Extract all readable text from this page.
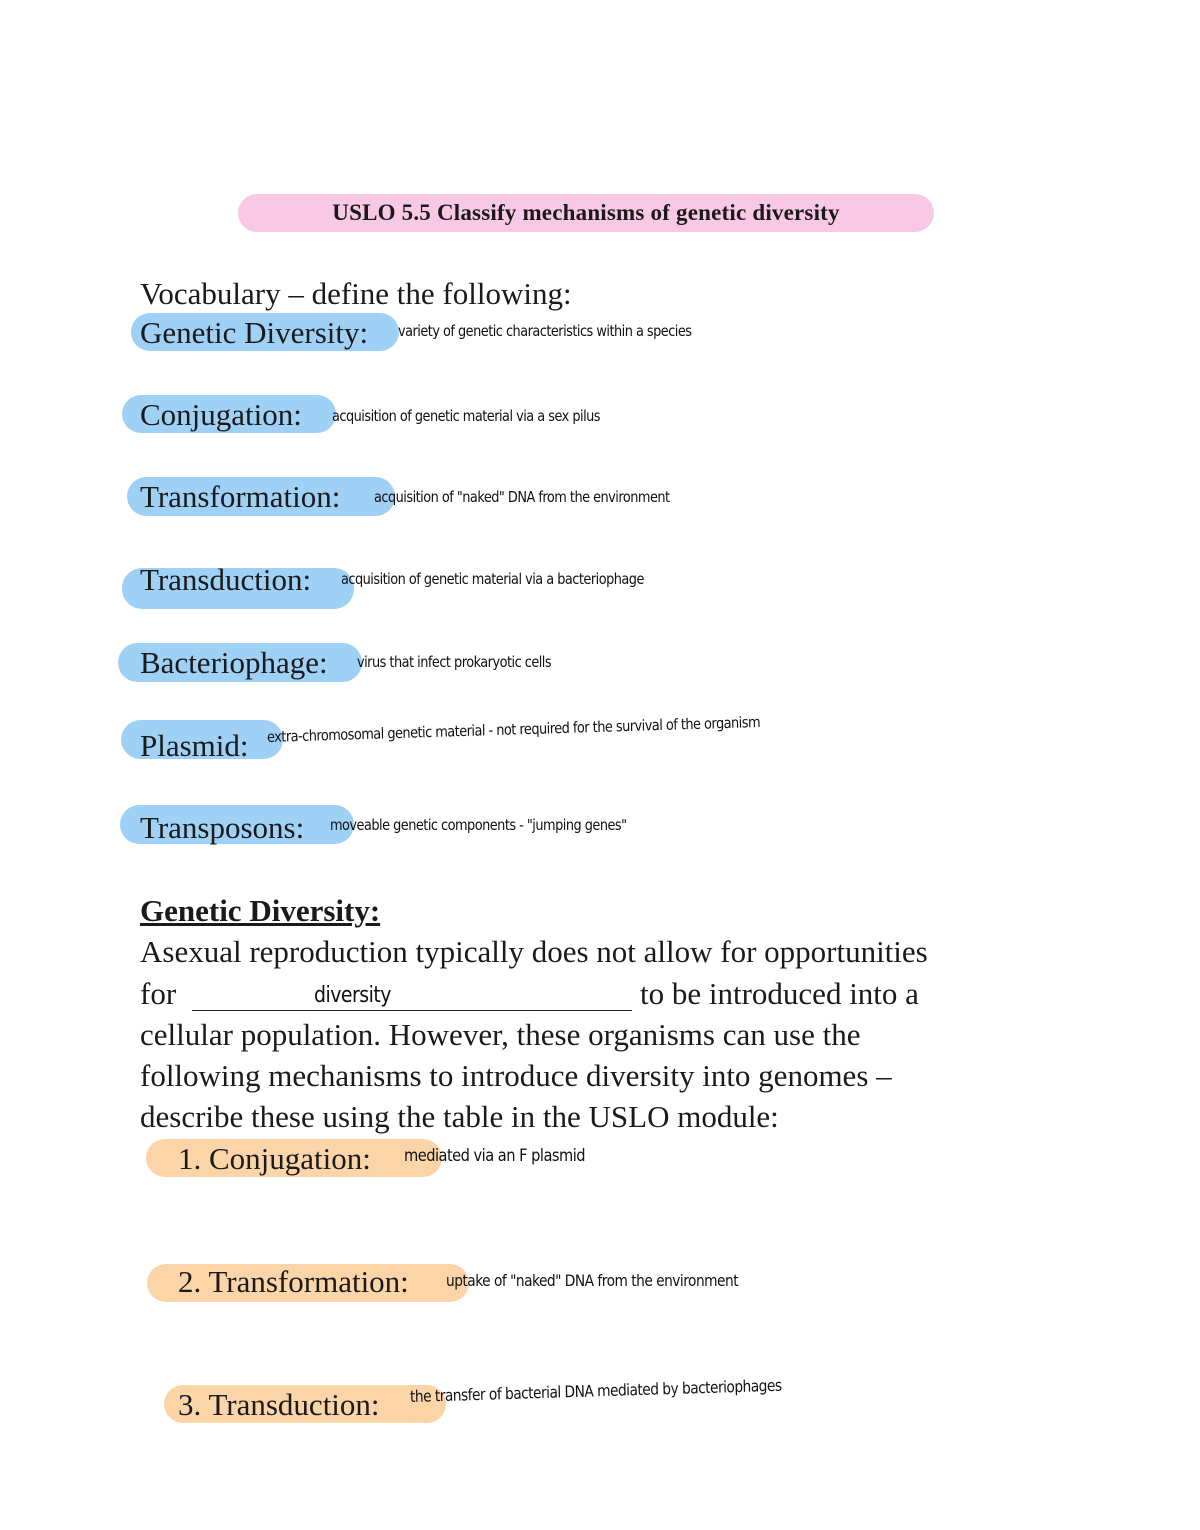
USLO 5.5 Classify mechanisms of genetic diversity
Vocabulary – define the following:
Genetic Diversity: variety of genetic characteristics within a species
Conjugation: acquisition of genetic material via a sex pilus
Transformation: acquisition of "naked" DNA from the environment
Transduction: acquisition of genetic material via a bacteriophage
Bacteriophage: virus that infect prokaryotic cells
Plasmid: extra-chromosomal genetic material - not required for the survival of the organism
Transposons: moveable genetic components - "jumping genes"
Genetic Diversity:
Asexual reproduction typically does not allow for opportunities
for	diversity	to be introduced into a
cellular population. However, these organisms can use the
following mechanisms to introduce diversity into genomes –
describe these using the table in the USLO module:
1. Conjugation: mediated via an F plasmid
2. Transformation: uptake of "naked" DNA from the environment
3. Transduction: the transfer of bacterial DNA mediated by bacteriophages
